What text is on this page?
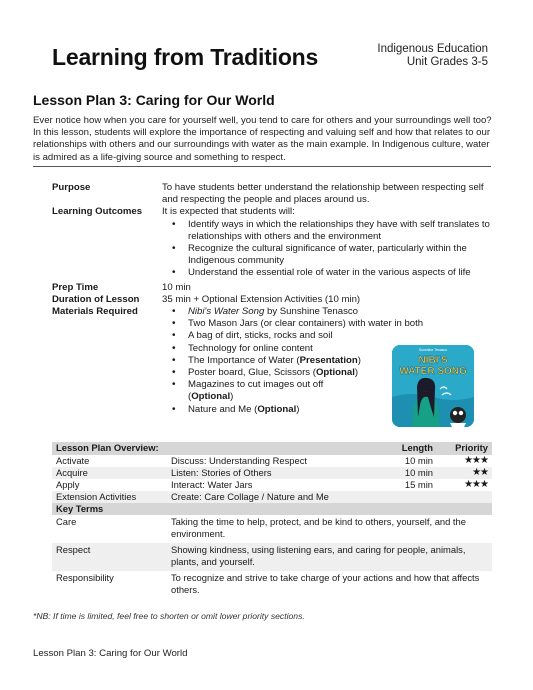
Learning from Traditions	Indigenous Education
Unit Grades 3-5
Lesson Plan 3: Caring for Our World
Ever notice how when you care for yourself well, you tend to care for others and your surroundings well too? In this lesson, students will explore the importance of respecting and valuing self and how that relates to our relationships with others and our surroundings with water as the main example. In Indigenous culture, water is admired as a life-giving source and something to respect.
Purpose	To have students better understand the relationship between respecting self and respecting the people and places around us.
Learning Outcomes	It is expected that students will:
• Identify ways in which the relationships they have with self translates to relationships with others and the environment
• Recognize the cultural significance of water, particularly within the Indigenous community
• Understand the essential role of water in the various aspects of life
Prep Time	10 min
Duration of Lesson	35 min + Optional Extension Activities (10 min)
Materials Required	• Nibi's Water Song by Sunshine Tenasco
• Two Mason Jars (or clear containers) with water in both
• A bag of dirt, sticks, rocks and soil
• Technology for online content
• The Importance of Water (Presentation)
• Poster board, Glue, Scissors (Optional)
• Magazines to cut images out off (Optional)
• Nature and Me (Optional)
Sunshine Tenasco
NIBI'S
WATER SONG
Lesson Plan Overview:		Length	Priority
Activate	Discuss: Understanding Respect	10 min	★★★
Acquire	Listen: Stories of Others	10 min	★★
Apply	Interact: Water Jars	15 min	★★★
Extension Activities	Create: Care Collage / Nature and Me		
Key Terms			
Care	Taking the time to help, protect, and be kind to others, yourself, and the environment.		
Respect	Showing kindness, using listening ears, and caring for people, animals, plants, and yourself.		
Responsibility	To recognize and strive to take charge of your actions and how that affects others.		
*NB: If time is limited, feel free to shorten or omit lower priority sections.
Lesson Plan 3: Caring for Our World
